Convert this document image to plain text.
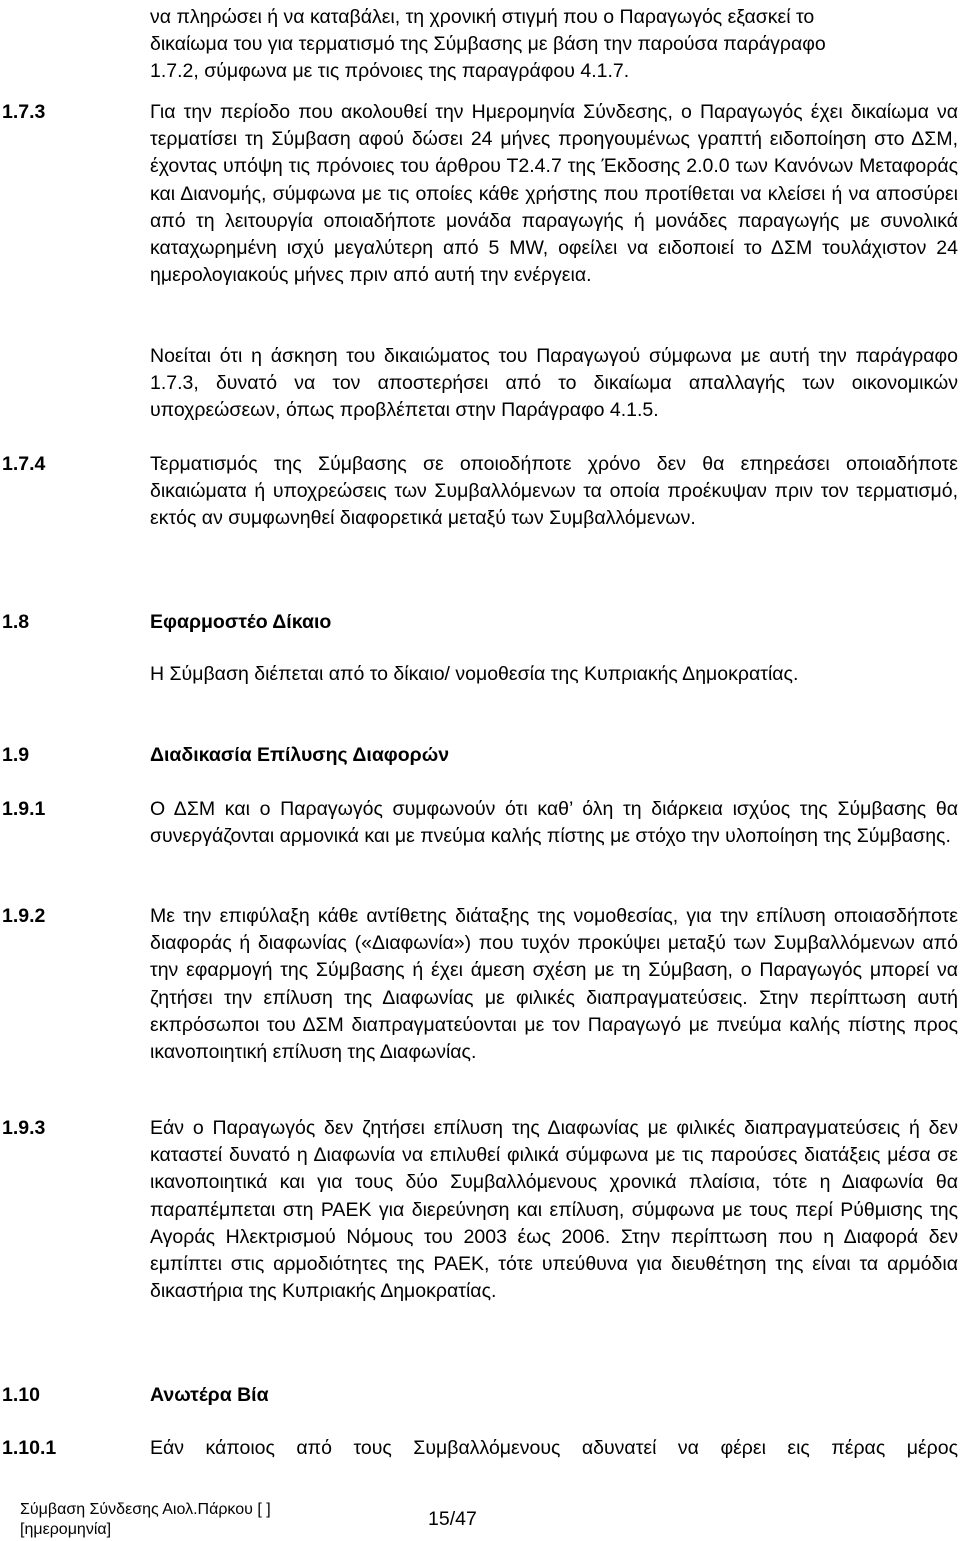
να πληρώσει ή να καταβάλει, τη χρονική στιγμή που ο Παραγωγός εξασκεί το
δικαίωμα του για τερματισμό της Σύμβασης με βάση την παρούσα παράγραφο
1.7.2, σύμφωνα με τις πρόνοιες της παραγράφου 4.1.7.

1.7.3	Για την περίοδο που ακολουθεί την Ημερομηνία Σύνδεσης, ο Παραγωγός έχει δικαίωμα να τερματίσει τη Σύμβαση αφού δώσει 24 μήνες προηγουμένως γραπτή ειδοποίηση στο ΔΣΜ, έχοντας υπόψη τις πρόνοιες του άρθρου Τ2.4.7 της Έκδοσης 2.0.0 των Κανόνων Μεταφοράς και Διανομής, σύμφωνα με τις οποίες κάθε χρήστης που προτίθεται να κλείσει ή να αποσύρει από τη λειτουργία οποιαδήποτε μονάδα παραγωγής ή μονάδες παραγωγής με συνολικά καταχωρημένη ισχύ μεγαλύτερη από 5 MW, οφείλει να ειδοποιεί το ΔΣΜ τουλάχιστον 24 ημερολογιακούς μήνες πριν από αυτή την ενέργεια.

Νοείται ότι η άσκηση του δικαιώματος του Παραγωγού σύμφωνα με αυτή την παράγραφο 1.7.3, δυνατό να τον αποστερήσει από το δικαίωμα απαλλαγής των οικονομικών υποχρεώσεων, όπως προβλέπεται στην Παράγραφο 4.1.5.

1.7.4	Τερματισμός της Σύμβασης σε οποιοδήποτε χρόνο δεν θα επηρεάσει οποιαδήποτε δικαιώματα ή υποχρεώσεις των Συμβαλλόμενων τα οποία προέκυψαν πριν τον τερματισμό, εκτός αν συμφωνηθεί διαφορετικά μεταξύ των Συμβαλλόμενων.

1.8	Εφαρμοστέο Δίκαιο

Η Σύμβαση διέπεται από το δίκαιο/ νομοθεσία της Κυπριακής Δημοκρατίας.

1.9	Διαδικασία Επίλυσης Διαφορών

1.9.1	Ο ΔΣΜ και ο Παραγωγός συμφωνούν ότι καθ’ όλη τη διάρκεια ισχύος της Σύμβασης θα συνεργάζονται αρμονικά και με πνεύμα καλής πίστης με στόχο την υλοποίηση της Σύμβασης.

1.9.2	Με την επιφύλαξη κάθε αντίθετης διάταξης της νομοθεσίας, για την επίλυση οποιασδήποτε διαφοράς ή διαφωνίας («Διαφωνία») που τυχόν προκύψει μεταξύ των Συμβαλλόμενων από την εφαρμογή της Σύμβασης ή έχει άμεση σχέση με τη Σύμβαση, ο Παραγωγός μπορεί να ζητήσει την επίλυση της Διαφωνίας με φιλικές διαπραγματεύσεις. Στην περίπτωση αυτή εκπρόσωποι του ΔΣΜ διαπραγματεύονται με τον Παραγωγό με πνεύμα καλής πίστης προς ικανοποιητική επίλυση της Διαφωνίας.

1.9.3	Εάν ο Παραγωγός δεν ζητήσει επίλυση της Διαφωνίας με φιλικές διαπραγματεύσεις ή δεν καταστεί δυνατό η Διαφωνία να επιλυθεί φιλικά σύμφωνα με τις παρούσες διατάξεις μέσα σε ικανοποιητικά και για τους δύο Συμβαλλόμενους χρονικά πλαίσια, τότε η Διαφωνία θα παραπέμπεται στη ΡΑΕΚ για διερεύνηση και επίλυση, σύμφωνα με τους περί Ρύθμισης της Αγοράς Ηλεκτρισμού Νόμους του 2003 έως 2006. Στην περίπτωση που η Διαφορά δεν εμπίπτει στις αρμοδιότητες της ΡΑΕΚ, τότε υπεύθυνα για διευθέτηση της είναι τα αρμόδια δικαστήρια της Κυπριακής Δημοκρατίας.

1.10	Ανωτέρα Βία

1.10.1	Εάν κάποιος από τους Συμβαλλόμενους αδυνατεί να φέρει εις πέρας μέρος

Σύμβαση Σύνδεσης Αιολ.Πάρκου [ ]
[ημερομηνία]	15/47
